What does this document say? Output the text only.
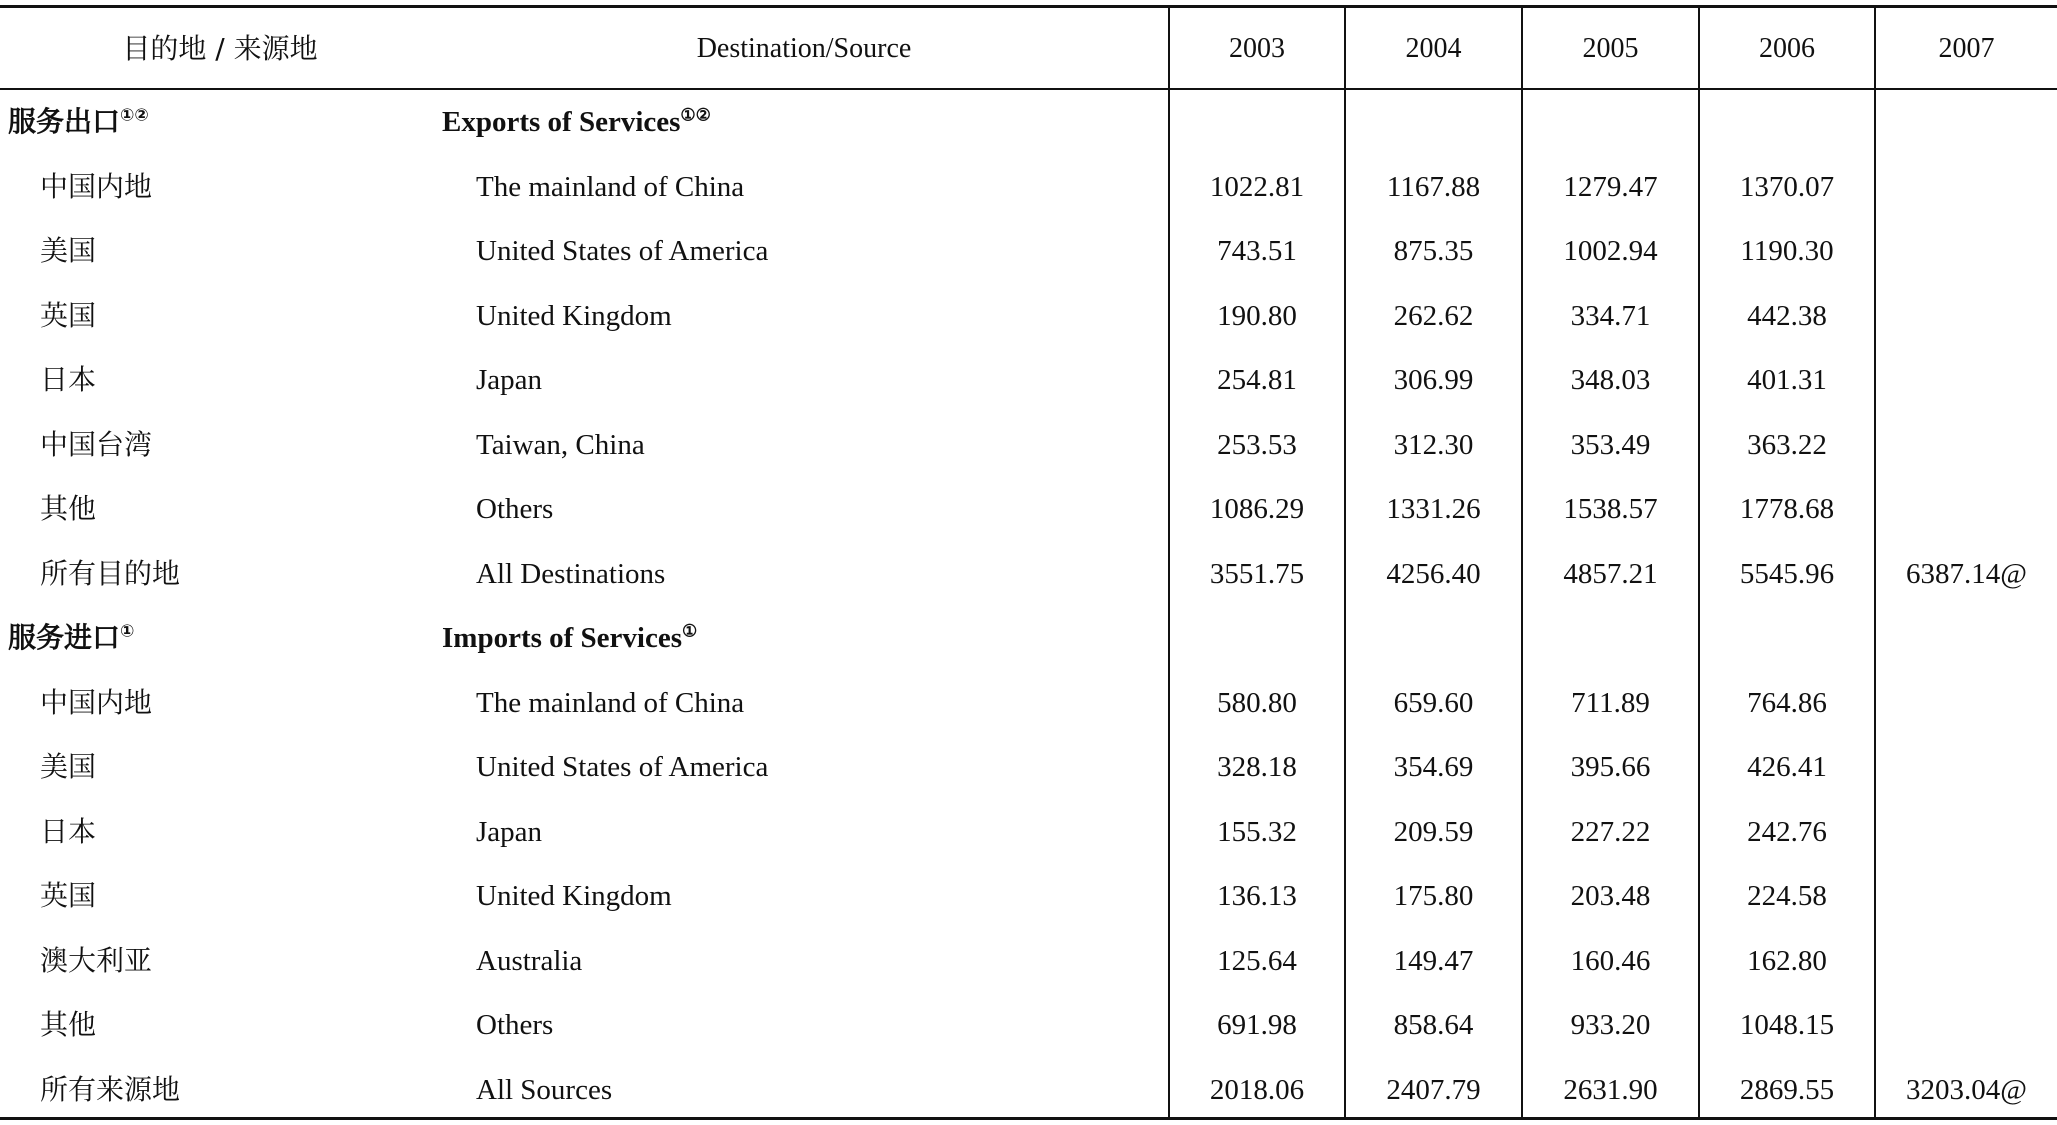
目的地 / 来源地	Destination/Source	2003	2004	2005	2006	2007
服务出口①②	Exports of Services①②
中国内地	The mainland of China	1022.81	1167.88	1279.47	1370.07
美国	United States of America	743.51	875.35	1002.94	1190.30
英国	United Kingdom	190.80	262.62	334.71	442.38
日本	Japan	254.81	306.99	348.03	401.31
中国台湾	Taiwan, China	253.53	312.30	353.49	363.22
其他	Others	1086.29	1331.26	1538.57	1778.68
所有目的地	All Destinations	3551.75	4256.40	4857.21	5545.96	6387.14@
服务进口①	Imports of Services①
中国内地	The mainland of China	580.80	659.60	711.89	764.86
美国	United States of America	328.18	354.69	395.66	426.41
日本	Japan	155.32	209.59	227.22	242.76
英国	United Kingdom	136.13	175.80	203.48	224.58
澳大利亚	Australia	125.64	149.47	160.46	162.80
其他	Others	691.98	858.64	933.20	1048.15
所有来源地	All Sources	2018.06	2407.79	2631.90	2869.55	3203.04@
